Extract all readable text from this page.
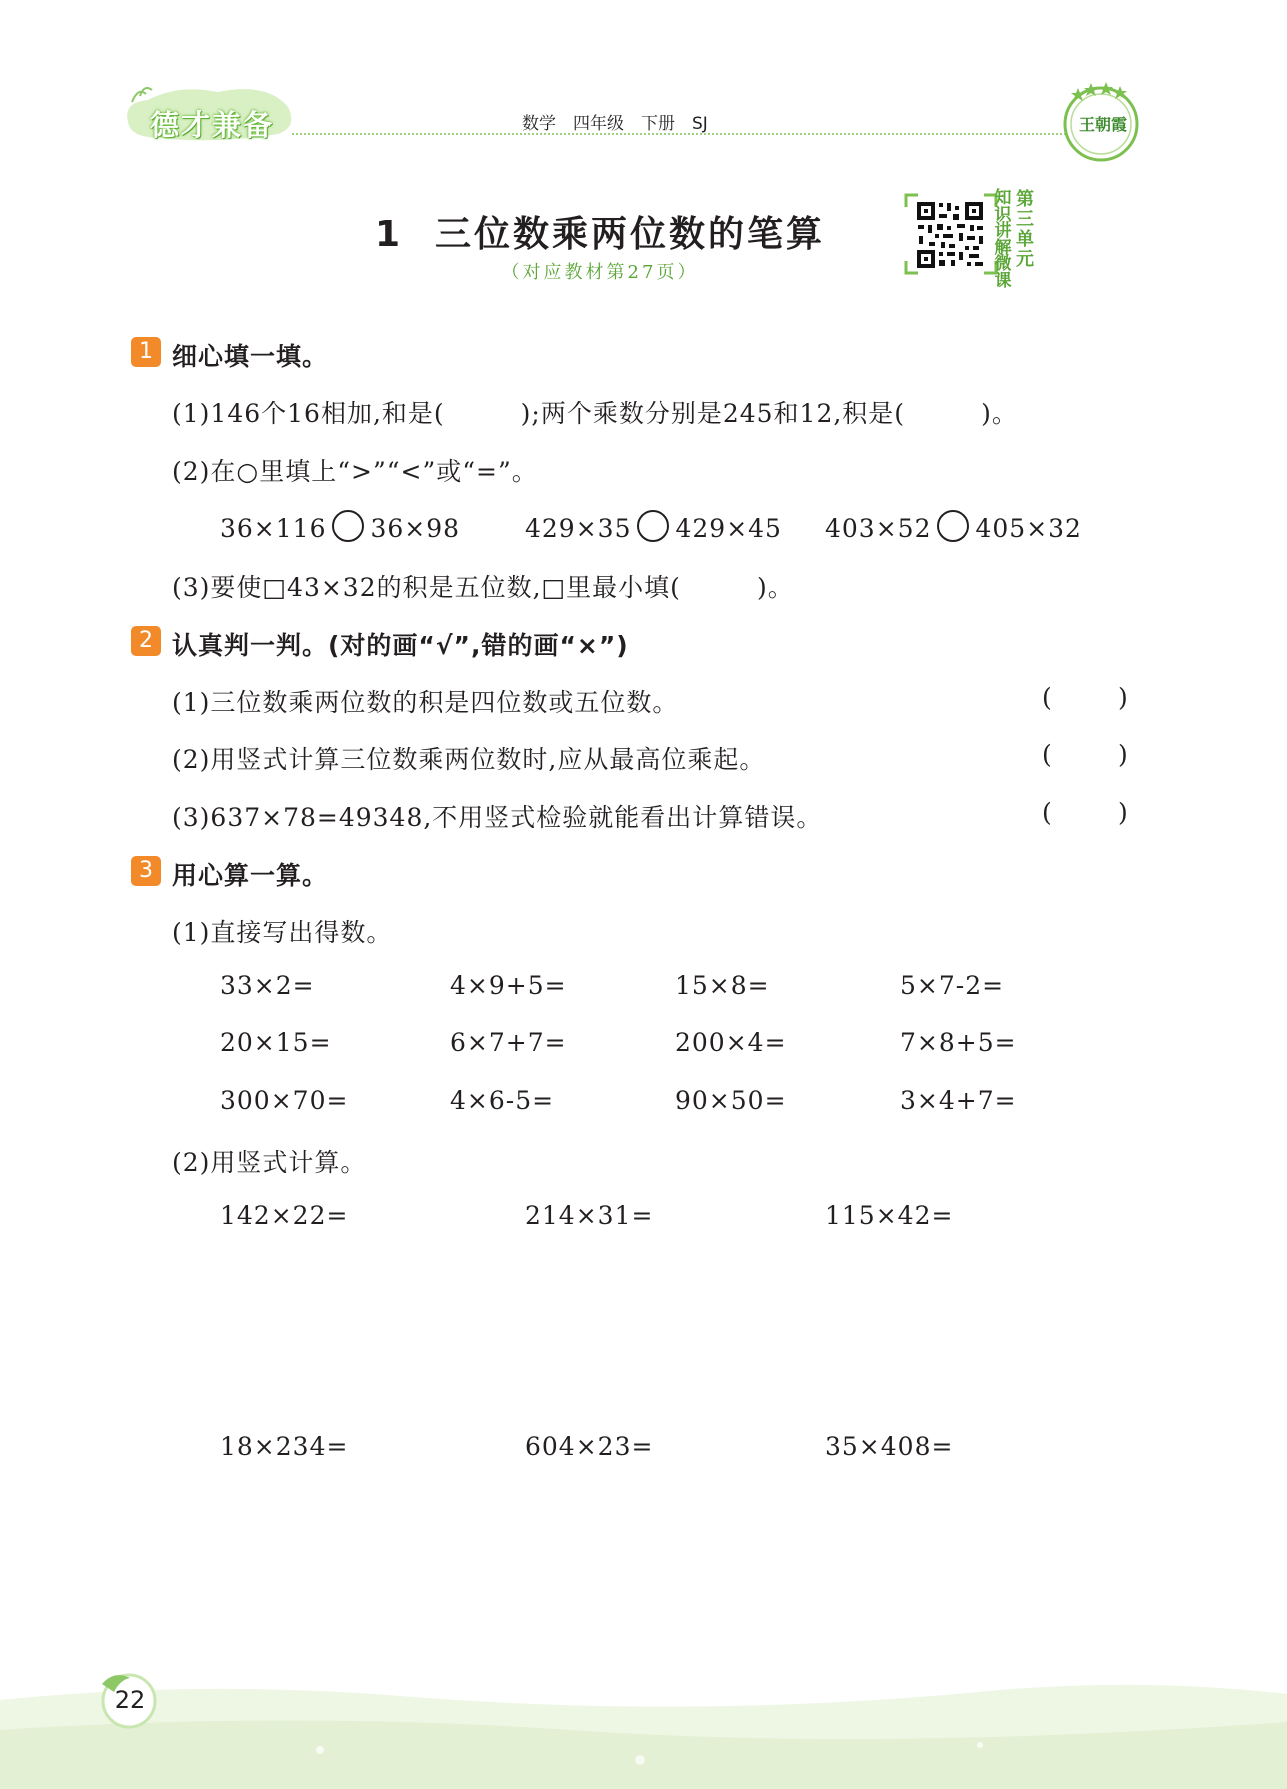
德才兼备	数学　四年级　下册　SJ	王朝霞
1 三位数乘两位数的笔算
（对应教材第27页）
知识讲解微课
第三单元
1 细心填一填。
(1)146个16相加,和是(	);两个乘数分别是245和12,积是(	)。
(2)在○里填上“>”“<”或“=”。
36×116 36×98	429×35 429×45 403×52 405×32
(3)要使□43×32的积是五位数,□里最小填(	)。
2 认真判一判。(对的画“√”,错的画“×”)
(1)三位数乘两位数的积是四位数或五位数。	(	)
(2)用竖式计算三位数乘两位数时,应从最高位乘起。	(	)
(3)637×78=49348,不用竖式检验就能看出计算错误。	(	)
3 用心算一算。
(1)直接写出得数。
33×2=	4×9+5=	15×8=	5×7-2=
20×15=	6×7+7=	200×4=	7×8+5=
300×70=	4×6-5=	90×50=	3×4+7=
(2)用竖式计算。
142×22=	214×31=	115×42=
18×234=	604×23=	35×408=
22
